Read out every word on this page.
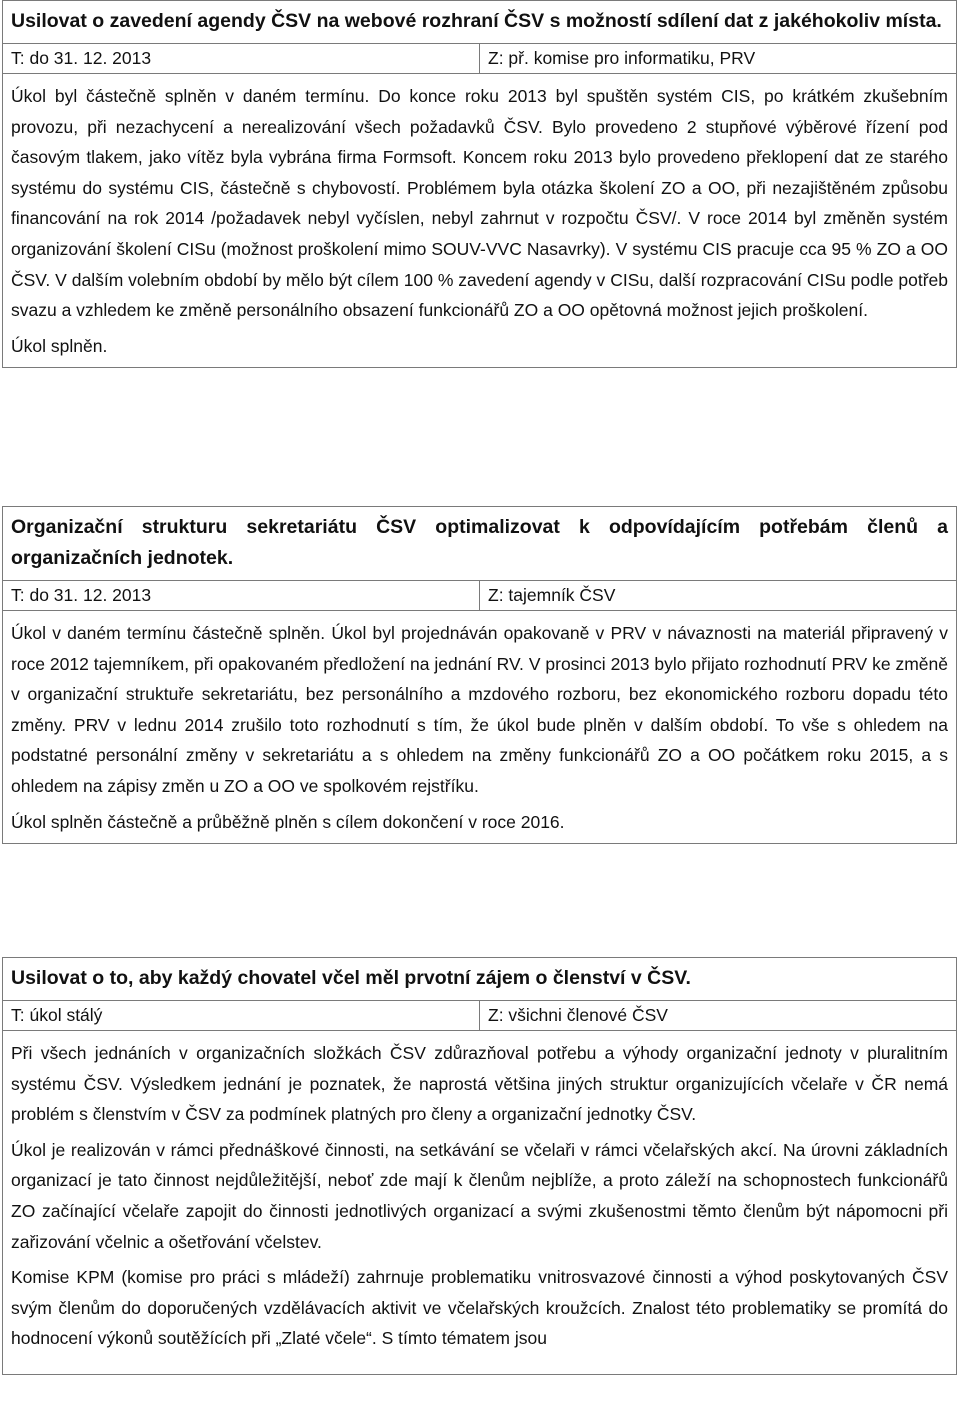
Usilovat o zavedení agendy ČSV na webové rozhraní ČSV s možností sdílení dat z jakéhokoliv místa.
T: do 31. 12. 2013	Z: př. komise pro informatiku, PRV

Úkol byl částečně splněn v daném termínu. Do konce roku 2013 byl spuštěn systém CIS, po krátkém zkušebním provozu, při nezachycení a nerealizování všech požadavků ČSV. Bylo provedeno 2 stupňové výběrové řízení pod časovým tlakem, jako vítěz byla vybrána firma Formsoft. Koncem roku 2013 bylo provedeno překlopení dat ze starého systému do systému CIS, částečně s chybovostí. Problémem byla otázka školení ZO a OO, při nezajištěném způsobu financování na rok 2014 /požadavek nebyl vyčíslen, nebyl zahrnut v rozpočtu ČSV/. V roce 2014 byl změněn systém organizování školení CISu (možnost proškolení mimo SOUV-VVC Nasavrky). V systému CIS pracuje cca 95 % ZO a OO ČSV. V dalším volebním období by mělo být cílem 100 % zavedení agendy v CISu, další rozpracování CISu podle potřeb svazu a vzhledem ke změně personálního obsazení funkcionářů ZO a OO opětovná možnost jejich proškolení.

Úkol splněn.

Organizační strukturu sekretariátu ČSV optimalizovat k odpovídajícím potřebám členů a organizačních jednotek.
T: do 31. 12. 2013	Z: tajemník ČSV

Úkol v daném termínu částečně splněn. Úkol byl projednáván opakovaně v PRV v návaznosti na materiál připravený v roce 2012 tajemníkem, při opakovaném předložení na jednání RV. V prosinci 2013 bylo přijato rozhodnutí PRV ke změně v organizační struktuře sekretariátu, bez personálního a mzdového rozboru, bez ekonomického rozboru dopadu této změny. PRV v lednu 2014 zrušilo toto rozhodnutí s tím, že úkol bude plněn v dalším období. To vše s ohledem na podstatné personální změny v sekretariátu a s ohledem na změny funkcionářů ZO a OO počátkem roku 2015, a s ohledem na zápisy změn u ZO a OO ve spolkovém rejstříku.

Úkol splněn částečně a průběžně plněn s cílem dokončení v roce 2016.

Usilovat o to, aby každý chovatel včel měl prvotní zájem o členství v ČSV.
T: úkol stálý	Z: všichni členové ČSV

Při všech jednáních v organizačních složkách ČSV zdůrazňoval potřebu a výhody organizační jednoty v pluralitním systému ČSV. Výsledkem jednání je poznatek, že naprostá většina jiných struktur organizujících včelaře v ČR nemá problém s členstvím v ČSV za podmínek platných pro členy a organizační jednotky ČSV.

Úkol je realizován v rámci přednáškové činnosti, na setkávání se včelaři v rámci včelařských akcí. Na úrovni základních organizací je tato činnost nejdůležitější, neboť zde mají k členům nejblíže, a proto záleží na schopnostech funkcionářů ZO začínající včelaře zapojit do činnosti jednotlivých organizací a svými zkušenostmi těmto členům být nápomocni při zařizování včelnic a ošetřování včelstev.

Komise KPM (komise pro práci s mládeží) zahrnuje problematiku vnitrosvazové činnosti a výhod poskytovaných ČSV svým členům do doporučených vzdělávacích aktivit ve včelařských kroužcích. Znalost této problematiky se promítá do hodnocení výkonů soutěžících při „Zlaté včele“. S tímto tématem jsou
